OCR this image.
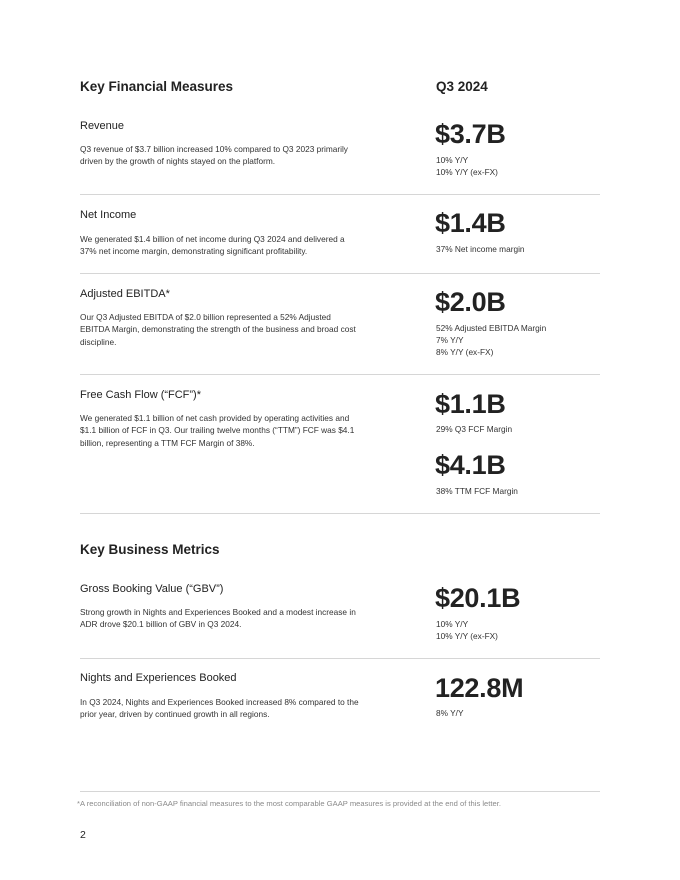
Key Financial Measures	Q3 2024
Revenue
Q3 revenue of $3.7 billion increased 10% compared to Q3 2023 primarily driven by the growth of nights stayed on the platform.
$3.7B
10% Y/Y
10% Y/Y (ex-FX)
Net Income
We generated $1.4 billion of net income during Q3 2024 and delivered a 37% net income margin, demonstrating significant profitability.
$1.4B
37% Net income margin
Adjusted EBITDA*
Our Q3 Adjusted EBITDA of $2.0 billion represented a 52% Adjusted EBITDA Margin, demonstrating the strength of the business and broad cost discipline.
$2.0B
52% Adjusted EBITDA Margin
7% Y/Y
8% Y/Y (ex-FX)
Free Cash Flow (“FCF”)*
We generated $1.1 billion of net cash provided by operating activities and $1.1 billion of FCF in Q3. Our trailing twelve months (“TTM”) FCF was $4.1 billion, representing a TTM FCF Margin of 38%.
$1.1B
29% Q3 FCF Margin
$4.1B
38% TTM FCF Margin
Key Business Metrics
Gross Booking Value (“GBV”)
Strong growth in Nights and Experiences Booked and a modest increase in ADR drove $20.1 billion of GBV in Q3 2024.
$20.1B
10% Y/Y
10% Y/Y (ex-FX)
Nights and Experiences Booked
In Q3 2024, Nights and Experiences Booked increased 8% compared to the prior year, driven by continued growth in all regions.
122.8M
8% Y/Y
*A reconciliation of non-GAAP financial measures to the most comparable GAAP measures is provided at the end of this letter.
2
